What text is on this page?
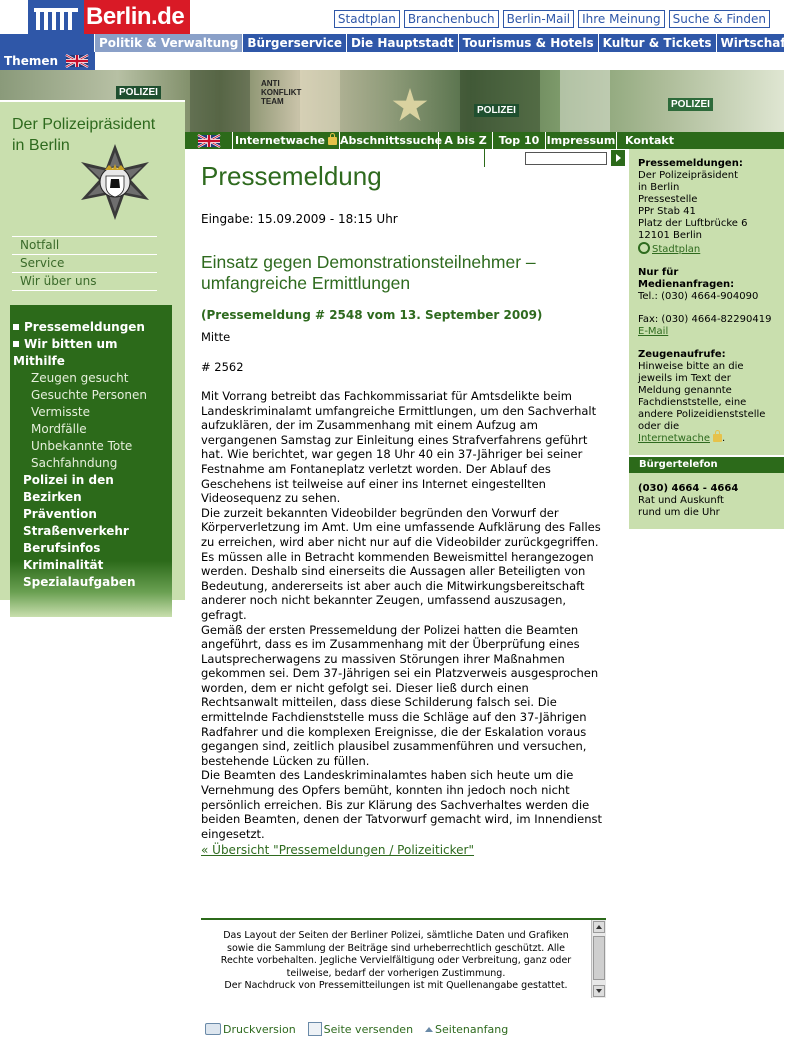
Berlin.de	Stadtplan	Branchenbuch	Berlin-Mail	Ihre Meinung	Suche & Finden
Politik & Verwaltung Bürgerservice Die Hauptstadt Tourismus & Hotels Kultur & Tickets Wirtschaft
Themen
POLIZEI
ANTI KONFLIKT TEAM
POLIZEI
POLIZEI
Der Polizeipräsident
in Berlin
Notfall
Service
Wir über uns
Pressemeldungen
Wir bitten um Mithilfe
Zeugen gesucht
Gesuchte Personen
Vermisste
Mordfälle
Unbekannte Tote
Sachfahndung
Polizei in den Bezirken
Prävention
Straßenverkehr
Berufsinfos
Kriminalität
Spezialaufgaben
Internetwache	Abschnittssuche A bis Z	Top 10 Impressum Kontakt
Pressemeldung
Eingabe: 15.09.2009 - 18:15 Uhr
Einsatz gegen Demonstrationsteilnehmer –
umfangreiche Ermittlungen
(Pressemeldung # 2548 vom 13. September 2009)
Mitte
# 2562

Mit Vorrang betreibt das Fachkommissariat für Amtsdelikte beim Landeskriminalamt umfangreiche Ermittlungen, um den Sachverhalt aufzuklären, der im Zusammenhang mit einem Aufzug am vergangenen Samstag zur Einleitung eines Strafverfahrens geführt hat. Wie berichtet, war gegen 18 Uhr 40 ein 37-Jähriger bei seiner Festnahme am Fontaneplatz verletzt worden. Der Ablauf des Geschehens ist teilweise auf einer ins Internet eingestellten Videosequenz zu sehen.

Die zurzeit bekannten Videobilder begründen den Vorwurf der Körperverletzung im Amt. Um eine umfassende Aufklärung des Falles zu erreichen, wird aber nicht nur auf die Videobilder zurückgegriffen. Es müssen alle in Betracht kommenden Beweismittel herangezogen werden. Deshalb sind einerseits die Aussagen aller Beteiligten von Bedeutung, andererseits ist aber auch die Mitwirkungsbereitschaft anderer noch nicht bekannter Zeugen, umfassend auszusagen, gefragt.

Gemäß der ersten Pressemeldung der Polizei hatten die Beamten angeführt, dass es im Zusammenhang mit der Überprüfung eines Lautsprecherwagens zu massiven Störungen ihrer Maßnahmen gekommen sei. Dem 37-Jährigen sei ein Platzverweis ausgesprochen worden, dem er nicht gefolgt sei. Dieser ließ durch einen Rechtsanwalt mitteilen, dass diese Schilderung falsch sei. Die ermittelnde Fachdienststelle muss die Schläge auf den 37-Jährigen Radfahrer und die komplexen Ereignisse, die der Eskalation voraus gegangen sind, zeitlich plausibel zusammenführen und versuchen, bestehende Lücken zu füllen.

Die Beamten des Landeskriminalamtes haben sich heute um die Vernehmung des Opfers bemüht, konnten ihn jedoch noch nicht persönlich erreichen. Bis zur Klärung des Sachverhaltes werden die beiden Beamten, denen der Tatvorwurf gemacht wird, im Innendienst eingesetzt.

« Übersicht "Pressemeldungen / Polizeiticker"
Das Layout der Seiten der Berliner Polizei, sämtliche Daten und Grafiken sowie die Sammlung der Beiträge sind urheberrechtlich geschützt. Alle Rechte vorbehalten. Jegliche Vervielfältigung oder Verbreitung, ganz oder teilweise, bedarf der vorherigen Zustimmung.
Der Nachdruck von Pressemitteilungen ist mit Quellenangabe gestattet.
Druckversion	Seite versenden Seitenanfang
Pressemeldungen:
Der Polizeipräsident
in Berlin
Pressestelle
PPr Stab 41
Platz der Luftbrücke 6
12101 Berlin
Stadtplan
Nur für Medienanfragen:
Tel.: (030) 4664-904090
Fax: (030) 4664-82290419
E-Mail
Zeugenaufrufe:
Hinweise bitte an die jeweils im Text der Meldung genannte Fachdienststelle, eine andere Polizeidienststelle oder die
Internetwache .
Bürgertelefon
(030) 4664 - 4664
Rat und Auskunft
rund um die Uhr
